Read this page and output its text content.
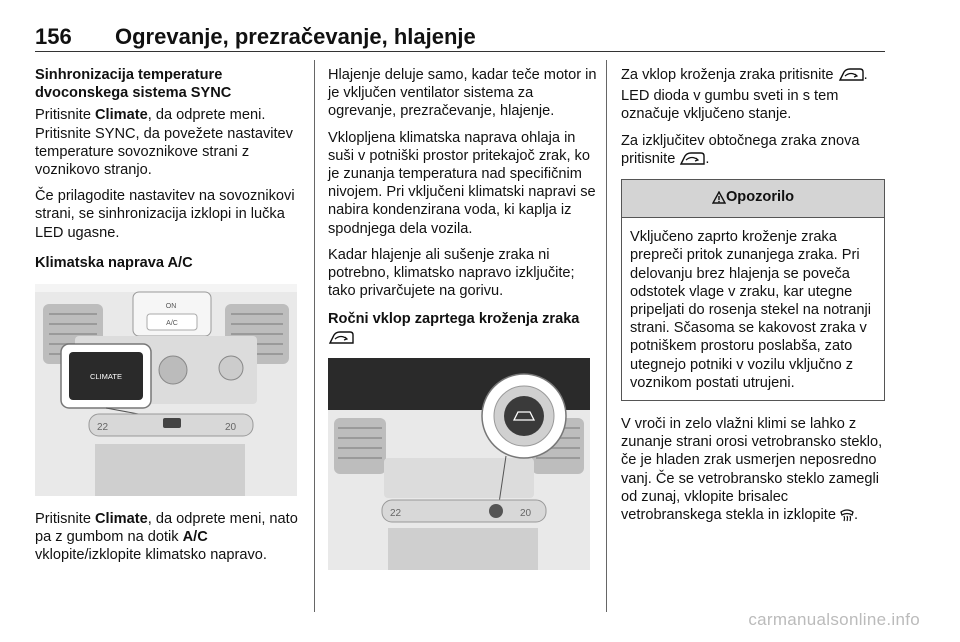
156 Ogrevanje, prezračevanje, hlajenje
Sinhronizacija temperature
dvoconskega sistema SYNC

Pritisnite Climate, da odprete meni.
Pritisnite SYNC, da povežete nastavitev temperature sovoznikove strani z voznikovo stranjo.

Če prilagodite nastavitev na sovoznikovi strani, se sinhronizacija izklopi in lučka LED ugasne.

Klimatska naprava A/C
ON
A/C
CLIMATE
22	20

Pritisnite Climate, da odprete meni, nato pa z gumbom na dotik A/C vklopite/izklopite klimatsko napravo.

Hlajenje deluje samo, kadar teče motor in je vključen ventilator sistema za ogrevanje, prezračevanje, hlajenje.

Vklopljena klimatska naprava ohlaja in suši v potniški prostor pritekajoč zrak, ko je zunanja temperatura nad specifičnim nivojem. Pri vključeni klimatski napravi se nabira kondenzirana voda, ki kaplja iz spodnjega dela vozila.

Kadar hlajenje ali sušenje zraka ni potrebno, klimatsko napravo izključite; tako privarčujete na gorivu.

Ročni vklop zaprtega kroženja zraka
22	20

Za vklop kroženja zraka pritisnite . LED dioda v gumbu sveti in s tem označuje vključeno stanje.

Za izključitev obtočnega zraka znova pritisnite .

Opozorilo
Vključeno zaprto kroženje zraka prepreči pritok zunanjega zraka. Pri delovanju brez hlajenja se poveča odstotek vlage v zraku, kar utegne pripeljati do rosenja stekel na notranji strani. Sčasoma se kakovost zraka v potniškem prostoru poslabša, zato utegnejo potniki v vozilu vključno z voznikom postati utrujeni.

V vroči in zelo vlažni klimi se lahko z zunanje strani orosi vetrobransko steklo, če je hladen zrak usmerjen neposredno vanj. Če se vetrobransko steklo zamegli od zunaj, vklopite brisalec vetrobranskega stekla in izklopite .

carmanualsonline.info
